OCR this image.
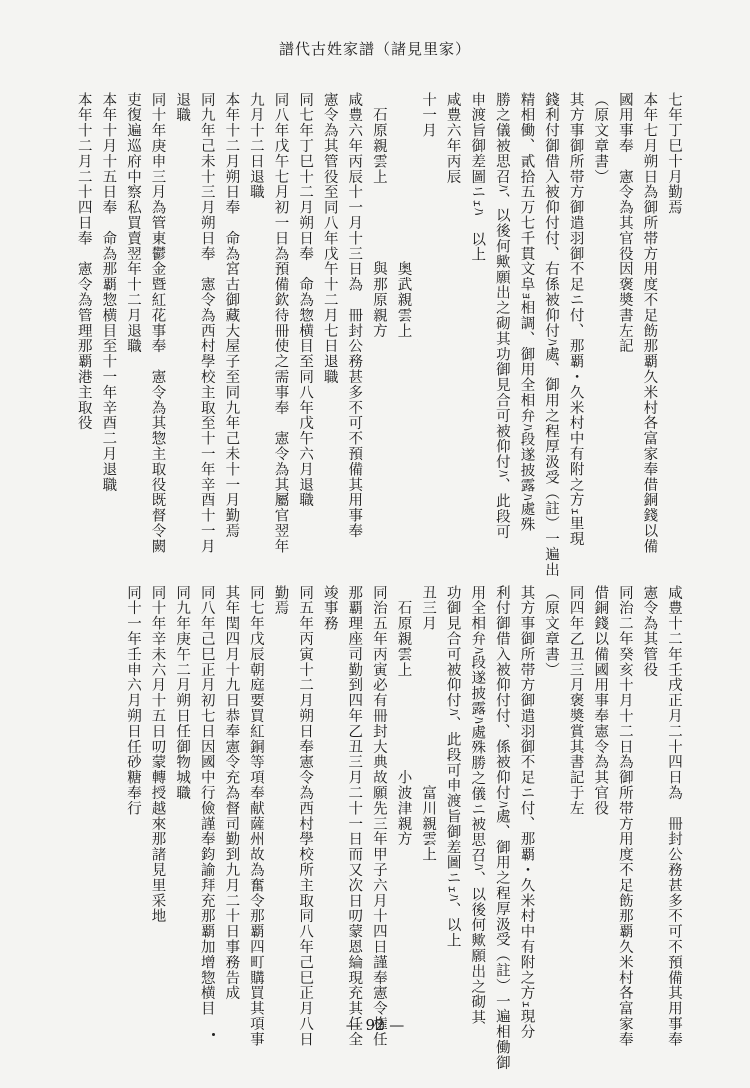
譜代古姓家譜（諸見里家）
七年丁巳十月勤焉
本年七月朔日為御所帯方用度不足飭那覇久米村各富家奉借銅錢以備
國用事奉　憲令為其官役因褒奬書左記
（原文章書）
其方事御所帯方御遣羽御不足ニ付、那覇・久米村中有附之方ｪ里現
錢利付御借入被仰付付、右係被仰付ﾊ處、御用之程厚汲受（註）一遍出
精相働、貳拾五万七千貫文阜ｮ相調、御用全相弁ﾊ段遂披露ﾊ處殊
勝之儀被思召ﾊ、以後何歟願出之砌其功御見合可被仰付ﾊ、此段可
申渡旨御差圖ニｪﾊ　以上
咸豊六年丙辰
十一月
　　　　　　　　　　　奥武親雲上
　石原親雲上　　　　　與那原親方
咸豊六年丙辰十一月十三日為　冊封公務甚多不可不預備其用事奉
憲令為其管役至同八年戊午十二月七日退職
同七年丁巳十二月朔日奉　命為惣横目至同八年戊午六月退職
同八年戊午七月初一日為預備欽待冊使之需事奉　憲令為其屬官翌年
九月十二日退職
本年十二月朔日奉　命為宮古御藏大屋子至同九年己未十一月勤焉
同九年己未十三月朔日奉　憲令為西村學校主取至十一年辛酉十一月
退職
同十年庚申三月為管東鬱金暨紅花事奉　憲令為其惣主取役既督令闕
吏復遍巡府中察私買賣翌年十二月退職
本年十月十五日奉　命為那覇惣横目至十一年辛酉二月退職
本年十二月二十四日奉　憲令為管理那覇港主取役
咸豊十二年壬戌正月二十四日為　冊封公務甚多不可不預備其用事奉
憲令為其管役
同治二年癸亥十月十二日為御所帯方用度不足飭那覇久米村各富家奉
借銅錢以備國用事奉憲令為其官役
同四年乙丑三月褒奬賞其書記于左
（原文章書）
其方事御所帯方御遣羽御不足ニ付、那覇・久米村中有附之方ｪ現分
利付御借入被仰付付、係被仰付ﾊ處、御用之程厚汲受（註）一遍相働御
用全相弁ﾊ段遂披露ﾊ處殊勝之儀ニ被思召ﾊ、以後何歟願出之砌其
功御見合可被仰付ﾊ、此段可申渡旨御差圖ニｪﾊ、以上
丑三月　　　　　　　　　　富川親雲上
　石原親雲上　　　　　　小波津親方
同治五年丙寅必有冊封大典故願先三年甲子六月十四日謹奉憲令権任
那覇理座司勤到四年乙丑三月二十一日而又次日叨蒙恩綸現充其任全
竣事務
同五年丙寅十二月朔日奉憲令為西村學校所主取同八年己巳正月八日
勤焉
同七年戊辰朝庭要買紅銅等項奉献薩州故為奮令那覇四町購買其項事
其年閏四月十九日恭奉憲令充為督司勤到九月二十日事務告成
同八年己巳正月初七日因國中行儉謹奉鈞諭拜充那覇加增惣横目
同九年庚午二月朔日任御物城職
同十年辛未六月十五日叨蒙轉授越來那諸見里采地
同十一年壬申六月朔日任砂糖奉行
— 92 —
